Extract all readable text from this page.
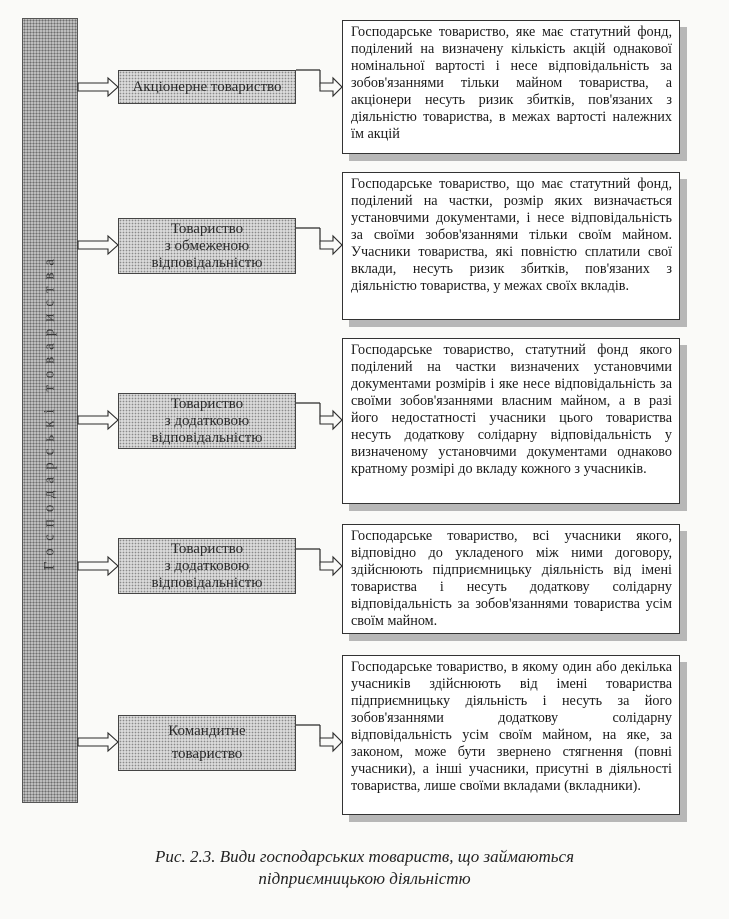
Господарські товариства
Акціонерне товариство
Товариство
з обмеженою
відповідальністю
Товариство
з додатковою
відповідальністю
Товариство
з додатковою
відповідальністю
Командитне
товариство
Господарське товариство, яке має статутний фонд, поділений на визначену кількість акцій однакової номінальної вартості і несе відповідальність за зобов'язаннями тільки майном товариства, а акціонери несуть ризик збитків, пов'язаних з діяльністю товариства, в межах вартості належних їм акцій
Господарське товариство, що має статутний фонд, поділений на частки, розмір яких визначається установчими документами, і несе відповідальність за своїми зобов'язаннями тільки своїм майном. Учасники товариства, які повністю сплатили свої вклади, несуть ризик збитків, пов'язаних з діяльністю товариства, у межах своїх вкладів.
Господарське товариство, статутний фонд якого поділений на частки визначених установчими документами розмірів і яке несе відповідальність за своїми зобов'язаннями власним майном, а в разі його недостатності учасники цього товариства несуть додаткову солідарну відповідальність у визначеному установчими документами однаково кратному розмірі до вкладу кожного з учасників.
Господарське товариство, всі учасники якого, відповідно до укладеного між ними договору, здійснюють підприємницьку діяльність від імені товариства і несуть додаткову солідарну відповідальність за зобов'язаннями товариства усім своїм майном.
Господарське товариство, в якому один або декілька учасників здійснюють від імені товариства підприємницьку діяльність і несуть за його зобов'язаннями додаткову солідарну відповідальність усім своїм майном, на яке, за законом, може бути звернено стягнення (повні учасники), а інші учасники, присутні в діяльності товариства, лише своїми вкладами (вкладники).
Рис. 2.3. Види господарських товариств, що займаються
підприємницькою діяльністю
